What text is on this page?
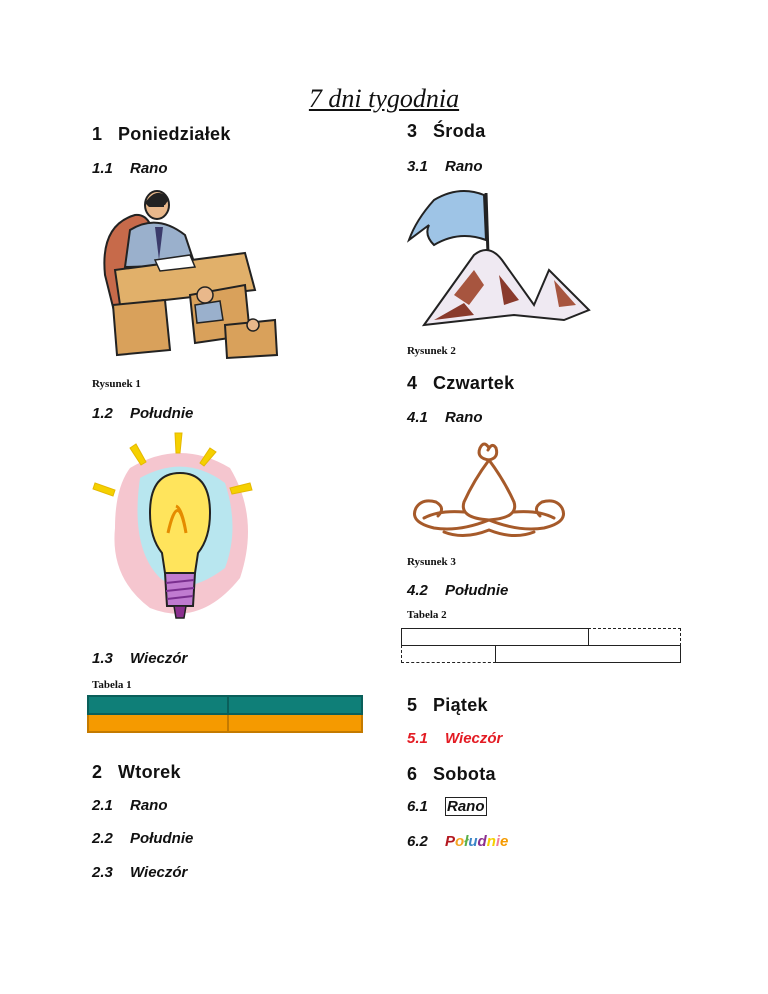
7 dni tygodnia
1 Poniedziałek
1.1 Rano
Rysunek 1
1.2 Południe
1.3 Wieczór
Tabela 1

2 Wtorek
2.1 Rano
2.2 Południe
2.3 Wieczór
3 Środa
3.1 Rano
Rysunek 2
4 Czwartek
4.1 Rano
Rysunek 3
4.2 Południe
Tabela 2
5 Piątek
5.1 Wieczór
6 Sobota
6.1 Rano
6.2 Południe
